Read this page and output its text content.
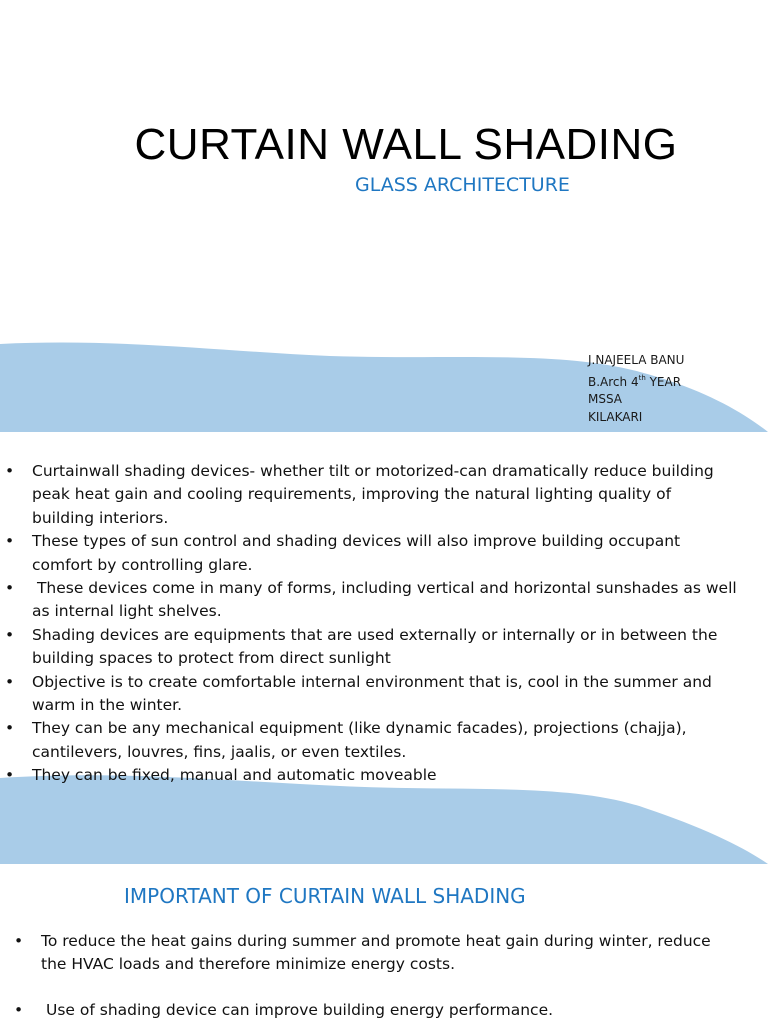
CURTAIN WALL SHADING
GLASS ARCHITECTURE
J.NAJEELA BANU
B.Arch 4th YEAR
MSSA
KILAKARI
• Curtainwall shading devices- whether tilt or motorized-can dramatically reduce building peak heat gain and cooling requirements, improving the natural lighting quality of building interiors.
• These types of sun control and shading devices will also improve building occupant comfort by controlling glare.
• These devices come in many of forms, including vertical and horizontal sunshades as well as internal light shelves.
• Shading devices are equipments that are used externally or internally or in between the building spaces to protect from direct sunlight
• Objective is to create comfortable internal environment that is, cool in the summer and warm in the winter.
• They can be any mechanical equipment (like dynamic facades), projections (chajja), cantilevers, louvres, fins, jaalis, or even textiles.
• They can be fixed, manual and automatic moveable
IMPORTANT OF CURTAIN WALL SHADING
•	To reduce the heat gains during summer and promote heat gain during winter, reduce the HVAC loads and therefore minimize energy costs.
•	Use of shading device can improve building energy performance.
